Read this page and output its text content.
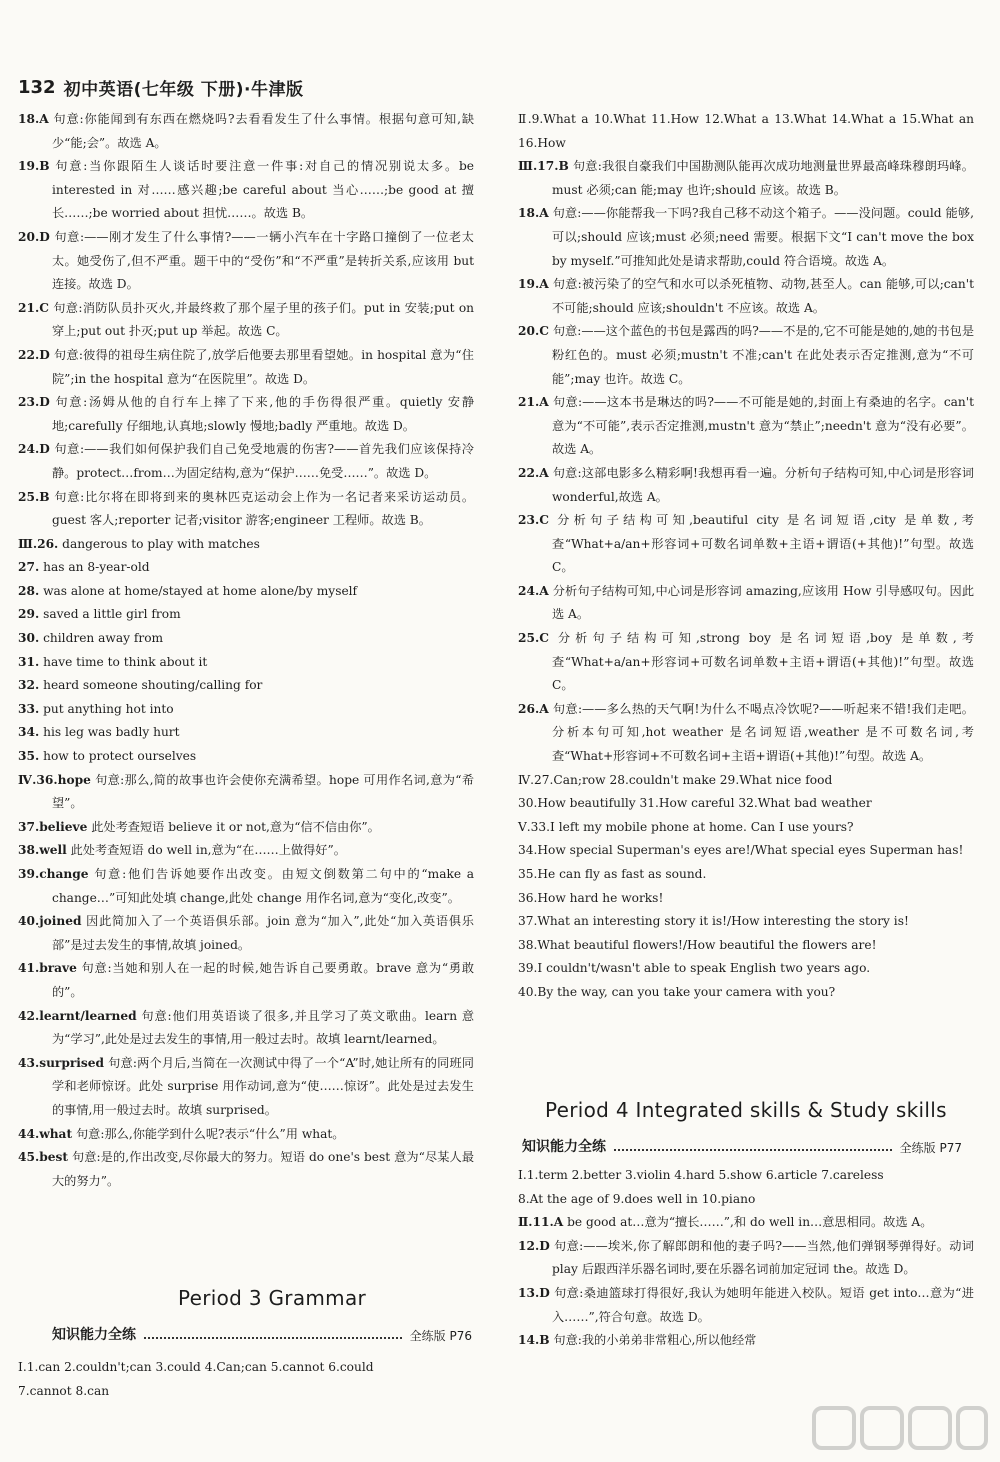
132 初中英语(七年级 下册)·牛津版

18.A 句意:你能闻到有东西在燃烧吗?去看看发生了什么事情。根据句意可知,缺少“能;会”。故选 A。

19.B 句意:当你跟陌生人谈话时要注意一件事:对自己的情况别说太多。be interested in 对……感兴趣;be careful about 当心……;be good at 擅长……;be worried about 担忧……。故选 B。

20.D 句意:——刚才发生了什么事情?——一辆小汽车在十字路口撞倒了一位老太太。她受伤了,但不严重。题干中的“受伤”和“不严重”是转折关系,应该用 but 连接。故选 D。

21.C 句意:消防队员扑灭火,并最终救了那个屋子里的孩子们。put in 安装;put on 穿上;put out 扑灭;put up 举起。故选 C。

22.D 句意:彼得的祖母生病住院了,放学后他要去那里看望她。in hospital 意为“住院”;in the hospital 意为“在医院里”。故选 D。

23.D 句意:汤姆从他的自行车上摔了下来,他的手伤得很严重。quietly 安静地;carefully 仔细地,认真地;slowly 慢地;badly 严重地。故选 D。

24.D 句意:——我们如何保护我们自己免受地震的伤害?——首先我们应该保持冷静。protect…from…为固定结构,意为“保护……免受……”。故选 D。

25.B 句意:比尔将在即将到来的奥林匹克运动会上作为一名记者来采访运动员。guest 客人;reporter 记者;visitor 游客;engineer 工程师。故选 B。

Ⅲ.26. dangerous to play with matches

27. has an 8-year-old

28. was alone at home/stayed at home alone/by myself

29. saved a little girl from

30. children away from

31. have time to think about it

32. heard someone shouting/calling for

33. put anything hot into

34. his leg was badly hurt

35. how to protect ourselves

Ⅳ.36.hope 句意:那么,简的故事也许会使你充满希望。hope 可用作名词,意为“希望”。

37.believe 此处考查短语 believe it or not,意为“信不信由你”。

38.well 此处考查短语 do well in,意为“在……上做得好”。

39.change 句意:他们告诉她要作出改变。由短文倒数第二句中的“make a change…”可知此处填 change,此处 change 用作名词,意为“变化,改变”。

40.joined 因此简加入了一个英语俱乐部。join 意为“加入”,此处“加入英语俱乐部”是过去发生的事情,故填 joined。

41.brave 句意:当她和别人在一起的时候,她告诉自己要勇敢。brave 意为“勇敢的”。

42.learnt/learned 句意:他们用英语谈了很多,并且学习了英文歌曲。learn 意为“学习”,此处是过去发生的事情,用一般过去时。故填 learnt/learned。

43.surprised 句意:两个月后,当简在一次测试中得了一个“A”时,她让所有的同班同学和老师惊讶。此处 surprise 用作动词,意为“使……惊讶”。此处是过去发生的事情,用一般过去时。故填 surprised。

44.what 句意:那么,你能学到什么呢?表示“什么”用 what。

45.best 句意:是的,作出改变,尽你最大的努力。短语 do one's best 意为“尽某人最大的努力”。

Period 3 Grammar
知识能力全练	全练版 P76

Ⅰ.1.can 2.couldn't;can 3.could 4.Can;can 5.cannot 6.could

7.cannot 8.can

Ⅱ.9.What a 10.What 11.How 12.What a 13.What 14.What a 15.What an 16.How

Ⅲ.17.B 句意:我很自豪我们中国勘测队能再次成功地测量世界最高峰珠穆朗玛峰。must 必须;can 能;may 也许;should 应该。故选 B。

18.A 句意:——你能帮我一下吗?我自己移不动这个箱子。——没问题。could 能够,可以;should 应该;must 必须;need 需要。根据下文“I can't move the box by myself.”可推知此处是请求帮助,could 符合语境。故选 A。

19.A 句意:被污染了的空气和水可以杀死植物、动物,甚至人。can 能够,可以;can't 不可能;should 应该;shouldn't 不应该。故选 A。

20.C 句意:——这个蓝色的书包是露西的吗?——不是的,它不可能是她的,她的书包是粉红色的。must 必须;mustn't 不准;can't 在此处表示否定推测,意为“不可能”;may 也许。故选 C。

21.A 句意:——这本书是琳达的吗?——不可能是她的,封面上有桑迪的名字。can't 意为“不可能”,表示否定推测,mustn't 意为“禁止”;needn't 意为“没有必要”。故选 A。

22.A 句意:这部电影多么精彩啊!我想再看一遍。分析句子结构可知,中心词是形容词 wonderful,故选 A。

23.C 分析句子结构可知,beautiful city 是名词短语,city 是单数,考查“What+a/an+形容词+可数名词单数+主语+谓语(+其他)!”句型。故选 C。

24.A 分析句子结构可知,中心词是形容词 amazing,应该用 How 引导感叹句。因此选 A。

25.C 分析句子结构可知,strong boy 是名词短语,boy 是单数,考查“What+a/an+形容词+可数名词单数+主语+谓语(+其他)!”句型。故选 C。

26.A 句意:——多么热的天气啊!为什么不喝点冷饮呢?——听起来不错!我们走吧。分析本句可知,hot weather 是名词短语,weather 是不可数名词,考查“What+形容词+不可数名词+主语+谓语(+其他)!”句型。故选 A。

Ⅳ.27.Can;row 28.couldn't make 29.What nice food

30.How beautifully 31.How careful 32.What bad weather

Ⅴ.33.I left my mobile phone at home. Can I use yours?

34.How special Superman's eyes are!/What special eyes Superman has!

35.He can fly as fast as sound.

36.How hard he works!

37.What an interesting story it is!/How interesting the story is!

38.What beautiful flowers!/How beautiful the flowers are!

39.I couldn't/wasn't able to speak English two years ago.

40.By the way, can you take your camera with you?

Period 4 Integrated skills & Study skills
知识能力全练	全练版 P77

Ⅰ.1.term 2.better 3.violin 4.hard 5.show 6.article 7.careless

8.At the age of 9.does well in 10.piano

Ⅱ.11.A be good at…意为“擅长……”,和 do well in…意思相同。故选 A。

12.D 句意:——埃米,你了解郎朗和他的妻子吗?——当然,他们弹钢琴弹得好。动词 play 后跟西洋乐器名词时,要在乐器名词前加定冠词 the。故选 D。

13.D 句意:桑迪篮球打得很好,我认为她明年能进入校队。短语 get into…意为“进入……”,符合句意。故选 D。

14.B 句意:我的小弟弟非常粗心,所以他经常
